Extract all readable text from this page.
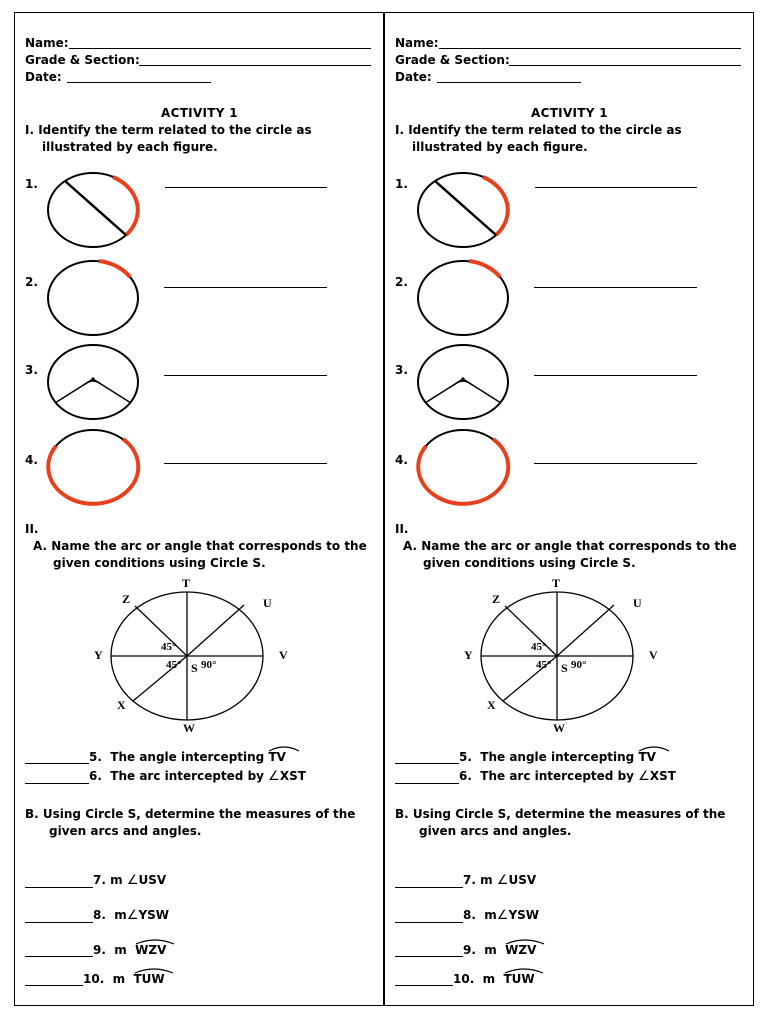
Name:
Grade & Section:
Date:
ACTIVITY 1
I. Identify the term related to the circle as
illustrated by each figure.
1.
2.
3.
4.
II.
A. Name the arc or angle that corresponds to the
given conditions using Circle S.
T
U
V
W
X
Y
Z
S
45°
45° 90°
5. The angle intercepting TV
6. The arc intercepted by ∠XST
B. Using Circle S, determine the measures of the
given arcs and angles.
7. m ∠USV
8. m∠YSW
9. m WZV
10. m TUW
Name:
Grade & Section:
Date:
ACTIVITY 1
I. Identify the term related to the circle as
illustrated by each figure.
1.
2.
3.
4.
II.
A. Name the arc or angle that corresponds to the
given conditions using Circle S.
T
U
V
W
X
Y
Z
S
45°
45° 90°
5. The angle intercepting TV
6. The arc intercepted by ∠XST
B. Using Circle S, determine the measures of the
given arcs and angles.
7. m ∠USV
8. m∠YSW
9. m WZV
10. m TUW
